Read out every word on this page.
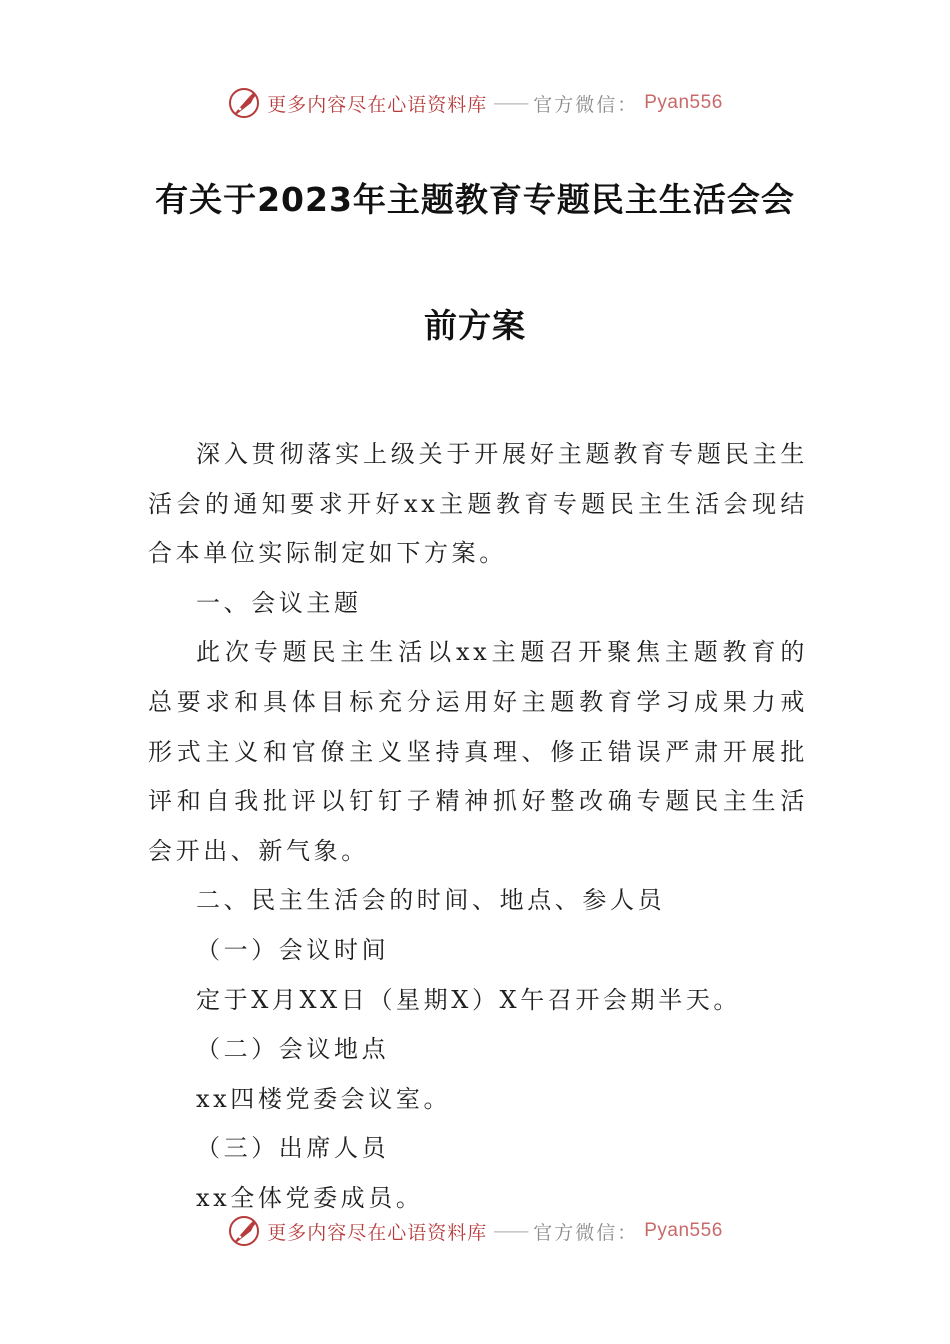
更多内容尽在心语资料库 —— 官方微信： Pyan556
有关于2023年主题教育专题民主生活会会
前方案

深入贯彻落实上级关于开展好主题教育专题民主生活会的通知要求开好xx主题教育专题民主生活会现结合本单位实际制定如下方案。

一、会议主题

此次专题民主生活以xx主题召开聚焦主题教育的总要求和具体目标充分运用好主题教育学习成果力戒形式主义和官僚主义坚持真理、修正错误严肃开展批评和自我批评以钉钉子精神抓好整改确专题民主生活会开出、新气象。

二、民主生活会的时间、地点、参人员

（一）会议时间

定于X月XX日（星期X）X午召开会期半天。

（二）会议地点

xx四楼党委会议室。

（三）出席人员

xx全体党委成员。

更多内容尽在心语资料库 —— 官方微信： Pyan556
